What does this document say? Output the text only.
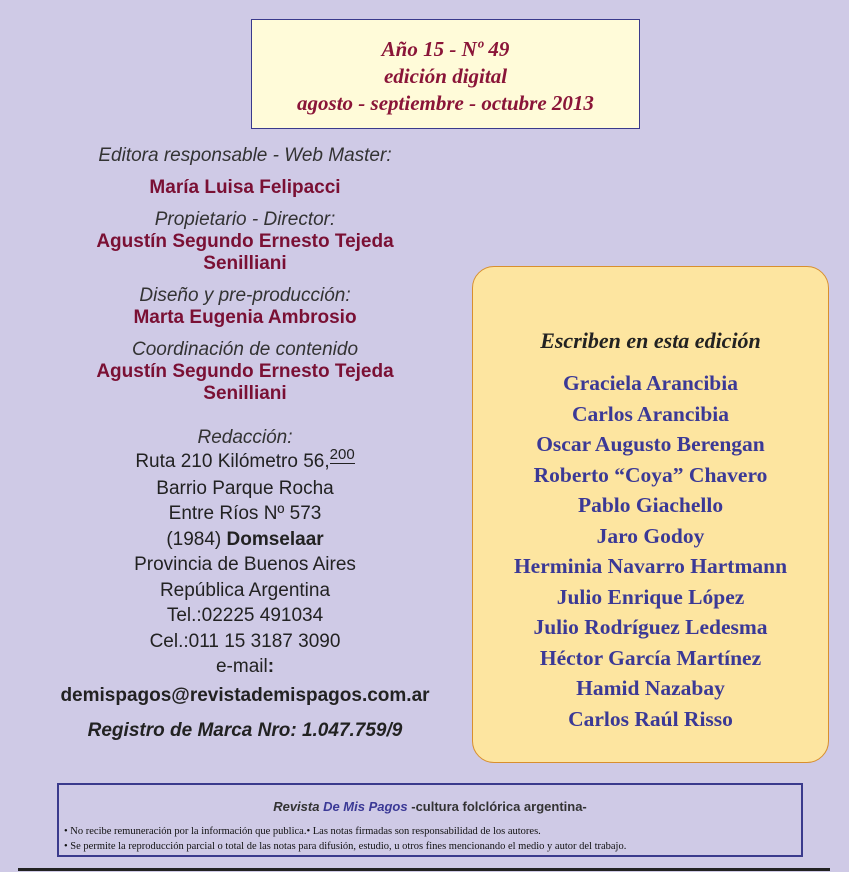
Año 15 - Nº 49
edición digital
agosto - septiembre - octubre 2013
Editora responsable - Web Master:
María Luisa Felipacci
Propietario - Director:
Agustín Segundo Ernesto Tejeda
Senilliani
Diseño y pre-producción:
Marta Eugenia Ambrosio
Coordinación de contenido
Agustín Segundo Ernesto Tejeda
Senilliani
Redacción:
Ruta 210 Kilómetro 56,$^{200}$
Barrio Parque Rocha
Entre Ríos Nº 573
(1984) Domselaar
Provincia de Buenos Aires
República Argentina
Tel.:02225 491034
Cel.:011 15 3187 3090
e-mail:
demispagos@revistademispagos.com.ar
Registro de Marca Nro: 1.047.759/9
Escriben en esta edición
Graciela Arancibia
Carlos Arancibia
Oscar Augusto Berengan
Roberto “Coya” Chavero
Pablo Giachello
Jaro Godoy
Herminia Navarro Hartmann
Julio Enrique López
Julio Rodríguez Ledesma
Héctor García Martínez
Hamid Nazabay
Carlos Raúl Risso
Revista De Mis Pagos -cultura folclórica argentina-
• No recibe remuneración por la información que publica.• Las notas firmadas son responsabilidad de los autores.
• Se permite la reproducción parcial o total de las notas para difusión, estudio, u otros fines mencionando el medio y autor del trabajo.
